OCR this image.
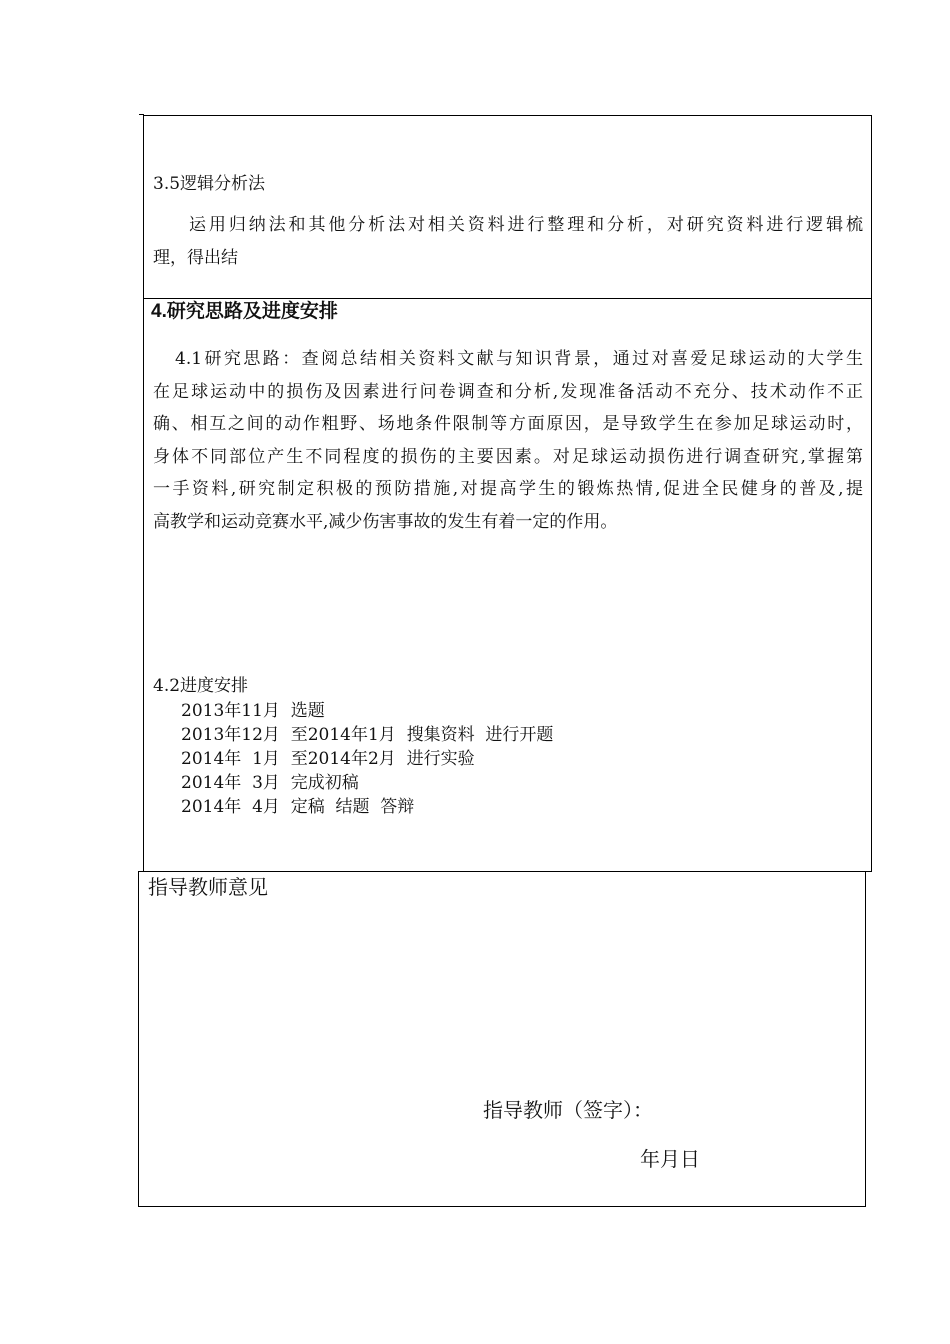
3.5逻辑分析法
运用归纳法和其他分析法对相关资料进行整理和分析，对研究资料进行逻辑梳
理，得出结
4.研究思路及进度安排
4.1研究思路：查阅总结相关资料文献与知识背景，通过对喜爱足球运动的大学生
在足球运动中的损伤及因素进行问卷调查和分析,发现准备活动不充分、技术动作不正
确、相互之间的动作粗野、场地条件限制等方面原因，是导致学生在参加足球运动时，
身体不同部位产生不同程度的损伤的主要因素。对足球运动损伤进行调查研究,掌握第
一手资料,研究制定积极的预防措施,对提高学生的锻炼热情,促进全民健身的普及,提
高教学和运动竞赛水平,减少伤害事故的发生有着一定的作用。
4.2进度安排
2013年11月  选题
2013年12月  至2014年1月  搜集资料  进行开题
2014年  1月  至2014年2月  进行实验
2014年  3月  完成初稿
2014年  4月  定稿  结题  答辩
指导教师意见
指导教师（签字）：
年月日
